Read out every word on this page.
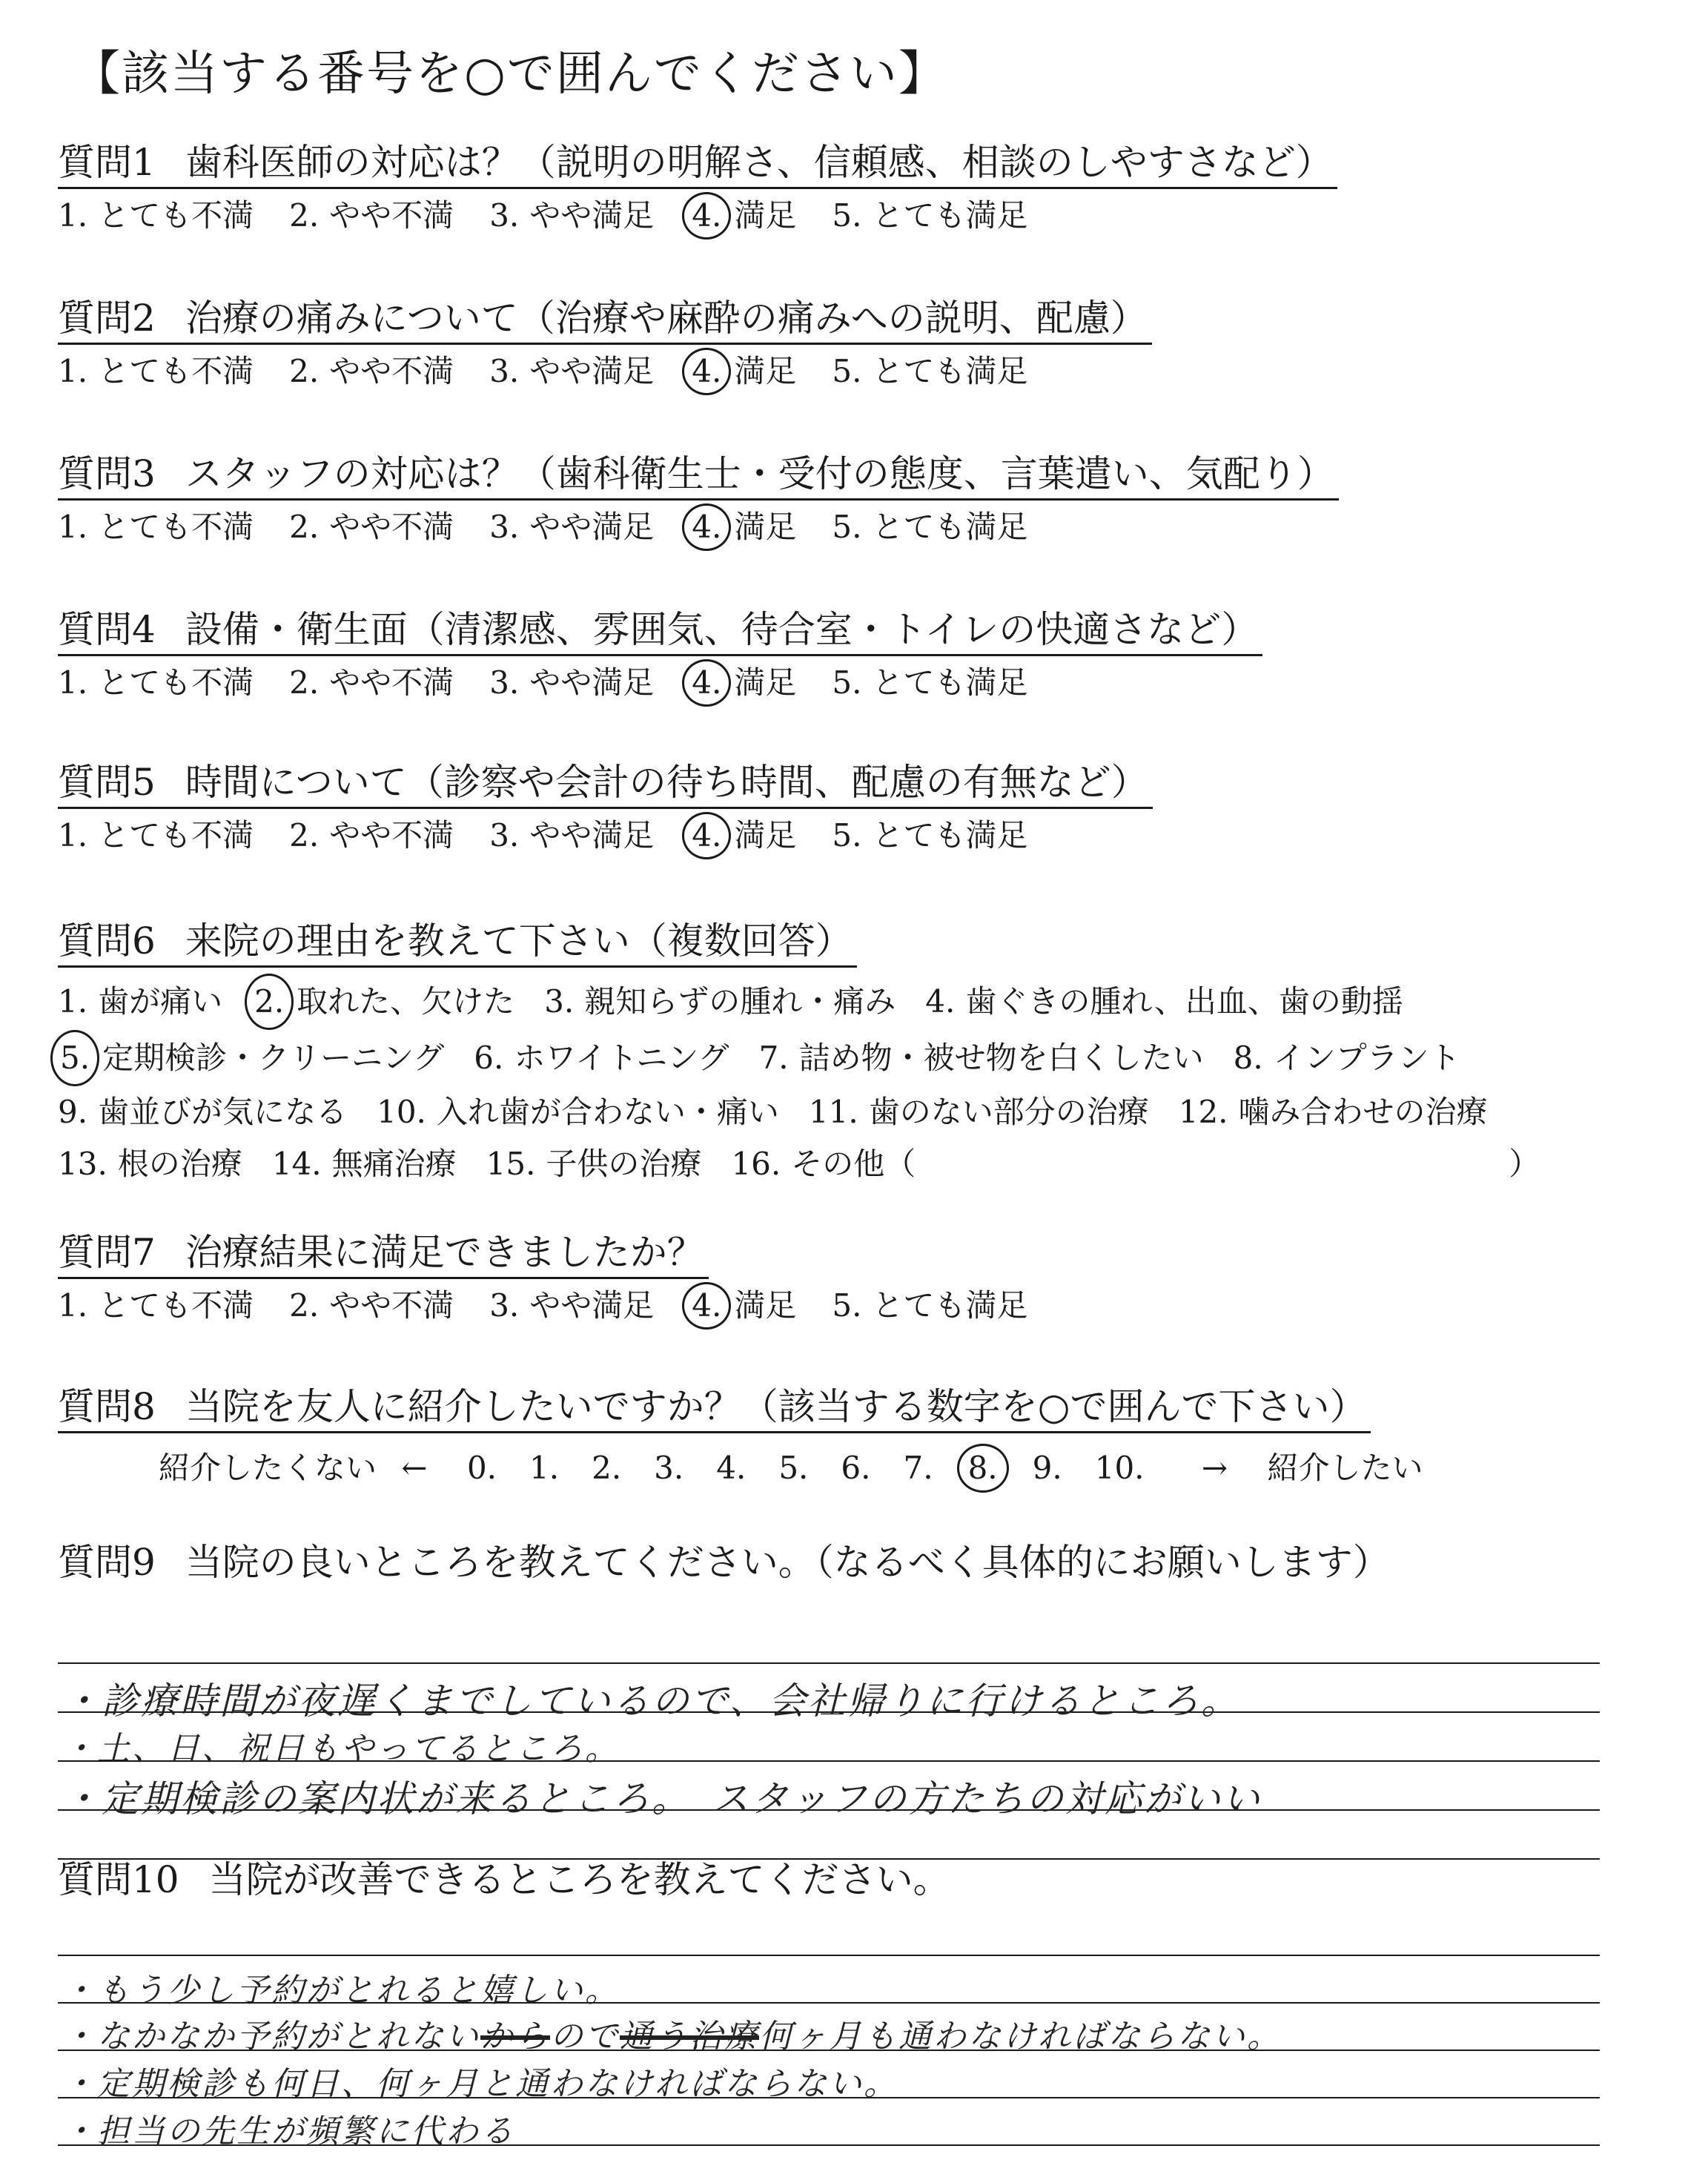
【該当する番号を○で囲んでください】
質問1 歯科医師の対応は？（説明の明解さ、信頼感、相談のしやすさなど）
1. とても不満 2. やや不満 3. やや満足 4. 満足 5. とても満足
質問2 治療の痛みについて（治療や麻酔の痛みへの説明、配慮）
1. とても不満 2. やや不満 3. やや満足 4. 満足 5. とても満足
質問3 スタッフの対応は？（歯科衛生士・受付の態度、言葉遣い、気配り）
1. とても不満 2. やや不満 3. やや満足 4. 満足 5. とても満足
質問4 設備・衛生面（清潔感、雰囲気、待合室・トイレの快適さなど）
1. とても不満 2. やや不満 3. やや満足 4. 満足 5. とても満足
質問5 時間について（診察や会計の待ち時間、配慮の有無など）
1. とても不満 2. やや不満 3. やや満足 4. 満足 5. とても満足
質問6 来院の理由を教えて下さい（複数回答）
1. 歯が痛い 2. 取れた、欠けた 3. 親知らずの腫れ・痛み 4. 歯ぐきの腫れ、出血、歯の動揺
5. 定期検診・クリーニング 6. ホワイトニング 7. 詰め物・被せ物を白くしたい 8. インプラント
9. 歯並びが気になる 10. 入れ歯が合わない・痛い 11. 歯のない部分の治療 12. 噛み合わせの治療
13. 根の治療 14. 無痛治療 15. 子供の治療 16. その他（	）
質問7 治療結果に満足できましたか？
1. とても不満 2. やや不満 3. やや満足 4. 満足 5. とても満足
質問8 当院を友人に紹介したいですか？（該当する数字を○で囲んで下さい）
紹介したくない ← 0. 1. 2. 3. 4. 5. 6. 7. 8. 9. 10. → 紹介したい
質問9 当院の良いところを教えてください。（なるべく具体的にお願いします）
・診療時間が夜遅くまでしているので、会社帰りに行けるところ。
・土、日、祝日もやってるところ。
・定期検診の案内状が来るところ。　スタッフの方たちの対応がいい
質問10 当院が改善できるところを教えてください。
・もう少し予約がとれると嬉しい。
・なかなか予約がとれないからので通う治療何ヶ月も通わなければならない。
・定期検診も何日、何ヶ月と通わなければならない。
・担当の先生が頻繁に代わる
